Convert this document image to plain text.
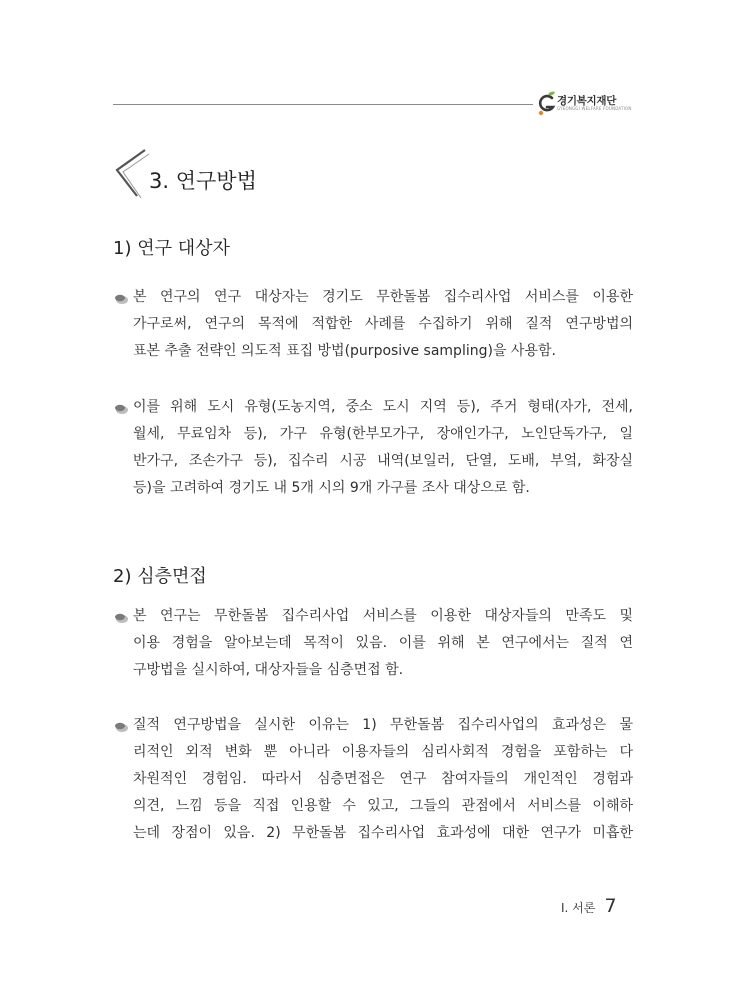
경기복지재단
GYEONGGI WELFARE FOUNDATION
3. 연구방법
1) 연구 대상자
본 연구의 연구 대상자는 경기도 무한돌봄 집수리사업 서비스를 이용한
가구로써, 연구의 목적에 적합한 사례를 수집하기 위해 질적 연구방법의
표본 추출 전략인 의도적 표집 방법(purposive sampling)을 사용함.
이를 위해 도시 유형(도농지역, 중소 도시 지역 등), 주거 형태(자가, 전세,
월세, 무료임차 등), 가구 유형(한부모가구, 장애인가구, 노인단독가구, 일
반가구, 조손가구 등), 집수리 시공 내역(보일러, 단열, 도배, 부엌, 화장실
등)을 고려하여 경기도 내 5개 시의 9개 가구를 조사 대상으로 함.
2) 심층면접
본 연구는 무한돌봄 집수리사업 서비스를 이용한 대상자들의 만족도 및
이용 경험을 알아보는데 목적이 있음. 이를 위해 본 연구에서는 질적 연
구방법을 실시하여, 대상자들을 심층면접 함.
질적 연구방법을 실시한 이유는 1) 무한돌봄 집수리사업의 효과성은 물
리적인 외적 변화 뿐 아니라 이용자들의 심리사회적 경험을 포함하는 다
차원적인 경험임. 따라서 심층면접은 연구 참여자들의 개인적인 경험과
의견, 느낌 등을 직접 인용할 수 있고, 그들의 관점에서 서비스를 이해하
는데 장점이 있음. 2) 무한돌봄 집수리사업 효과성에 대한 연구가 미흡한
Ⅰ. 서론 7
